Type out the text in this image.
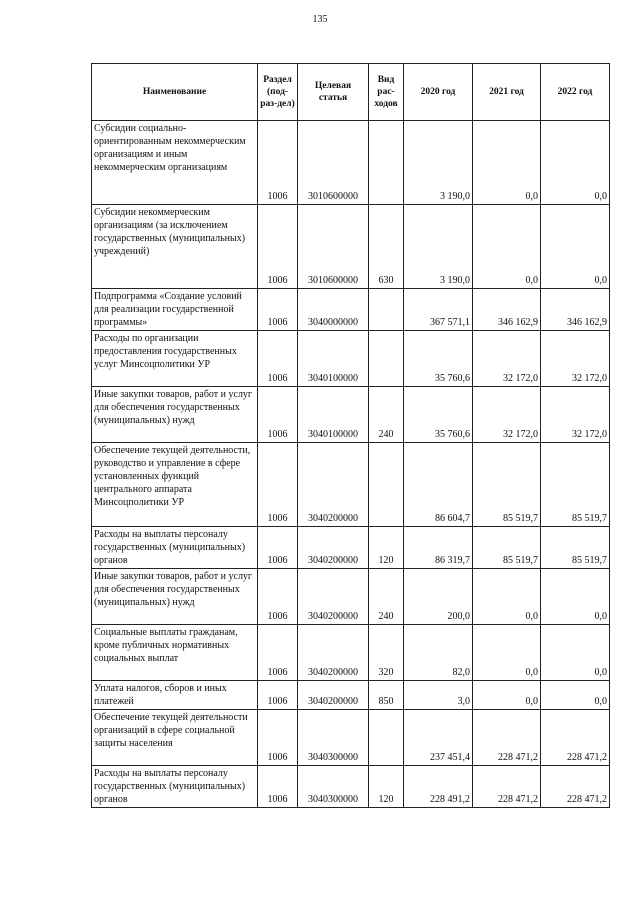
135
Наименование	Раздел (под-раз-дел)	Целевая статья	Вид рас-ходов	2020 год	2021 год	2022 год
Субсидии социально-ориентированным некоммерческим организациям и иным некоммерческим организациям	1006	3010600000		3 190,0	0,0	0,0
Субсидии некоммерческим организациям (за исключением государственных (муниципальных) учреждений)	1006	3010600000	630	3 190,0	0,0	0,0
Подпрограмма «Создание условий для реализации государственной программы»	1006	3040000000		367 571,1	346 162,9	346 162,9
Расходы по организации предоставления государственных услуг Минсоцполитики УР	1006	3040100000		35 760,6	32 172,0	32 172,0
Иные закупки товаров, работ и услуг для обеспечения государственных (муниципальных) нужд	1006	3040100000	240	35 760,6	32 172,0	32 172,0
Обеспечение текущей деятельности, руководство и управление в сфере установленных функций центрального аппарата Минсоцполитики УР	1006	3040200000		86 604,7	85 519,7	85 519,7
Расходы на выплаты персоналу государственных (муниципальных) органов	1006	3040200000	120	86 319,7	85 519,7	85 519,7
Иные закупки товаров, работ и услуг для обеспечения государственных (муниципальных) нужд	1006	3040200000	240	200,0	0,0	0,0
Социальные выплаты гражданам, кроме публичных нормативных социальных выплат	1006	3040200000	320	82,0	0,0	0,0
Уплата налогов, сборов и иных платежей	1006	3040200000	850	3,0	0,0	0,0
Обеспечение текущей деятельности организаций в сфере социальной защиты населения	1006	3040300000		237 451,4	228 471,2	228 471,2
Расходы на выплаты персоналу государственных (муниципальных) органов	1006	3040300000	120	228 491,2	228 471,2	228 471,2
